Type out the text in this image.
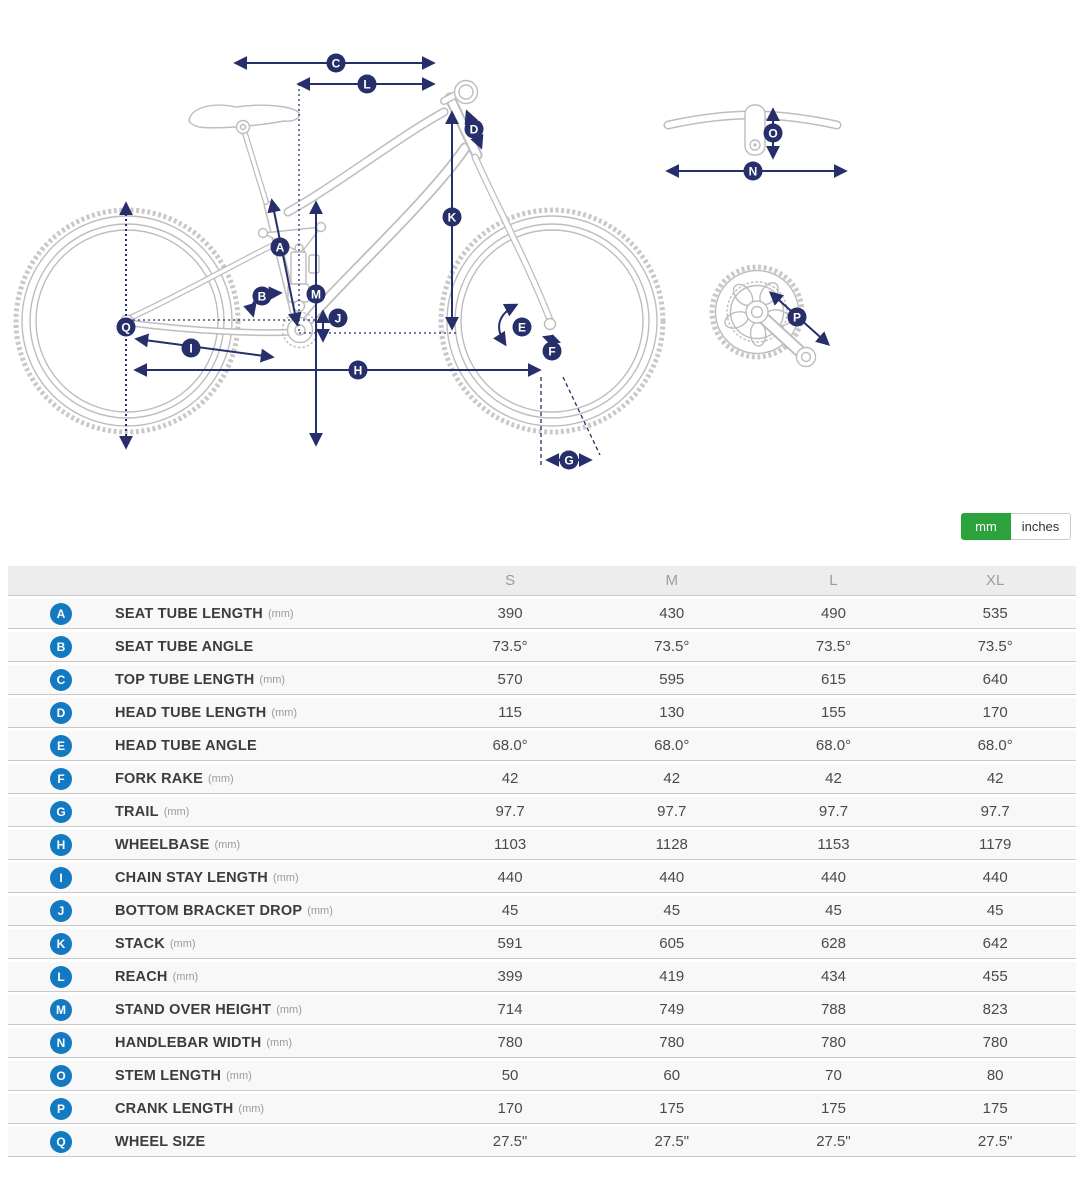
A
B
C
D
E
F
G
H
I
J
K
L
M
N
O
P
Q
mm	inches
S	M	L	XL
A	SEAT TUBE LENGTH (mm)	390	430	490	535
B	SEAT TUBE ANGLE	73.5°	73.5°	73.5°	73.5°
C	TOP TUBE LENGTH (mm)	570	595	615	640
D	HEAD TUBE LENGTH (mm)	115	130	155	170
E	HEAD TUBE ANGLE	68.0°	68.0°	68.0°	68.0°
F	FORK RAKE (mm)	42	42	42	42
G	TRAIL (mm)	97.7	97.7	97.7	97.7
H	WHEELBASE (mm)	1103	1128	1153	1179
I	CHAIN STAY LENGTH (mm)	440	440	440	440
J	BOTTOM BRACKET DROP (mm)	45	45	45	45
K	STACK (mm)	591	605	628	642
L	REACH (mm)	399	419	434	455
M	STAND OVER HEIGHT (mm)	714	749	788	823
N	HANDLEBAR WIDTH (mm)	780	780	780	780
O	STEM LENGTH (mm)	50	60	70	80
P	CRANK LENGTH (mm)	170	175	175	175
Q	WHEEL SIZE	27.5"	27.5"	27.5"	27.5"
